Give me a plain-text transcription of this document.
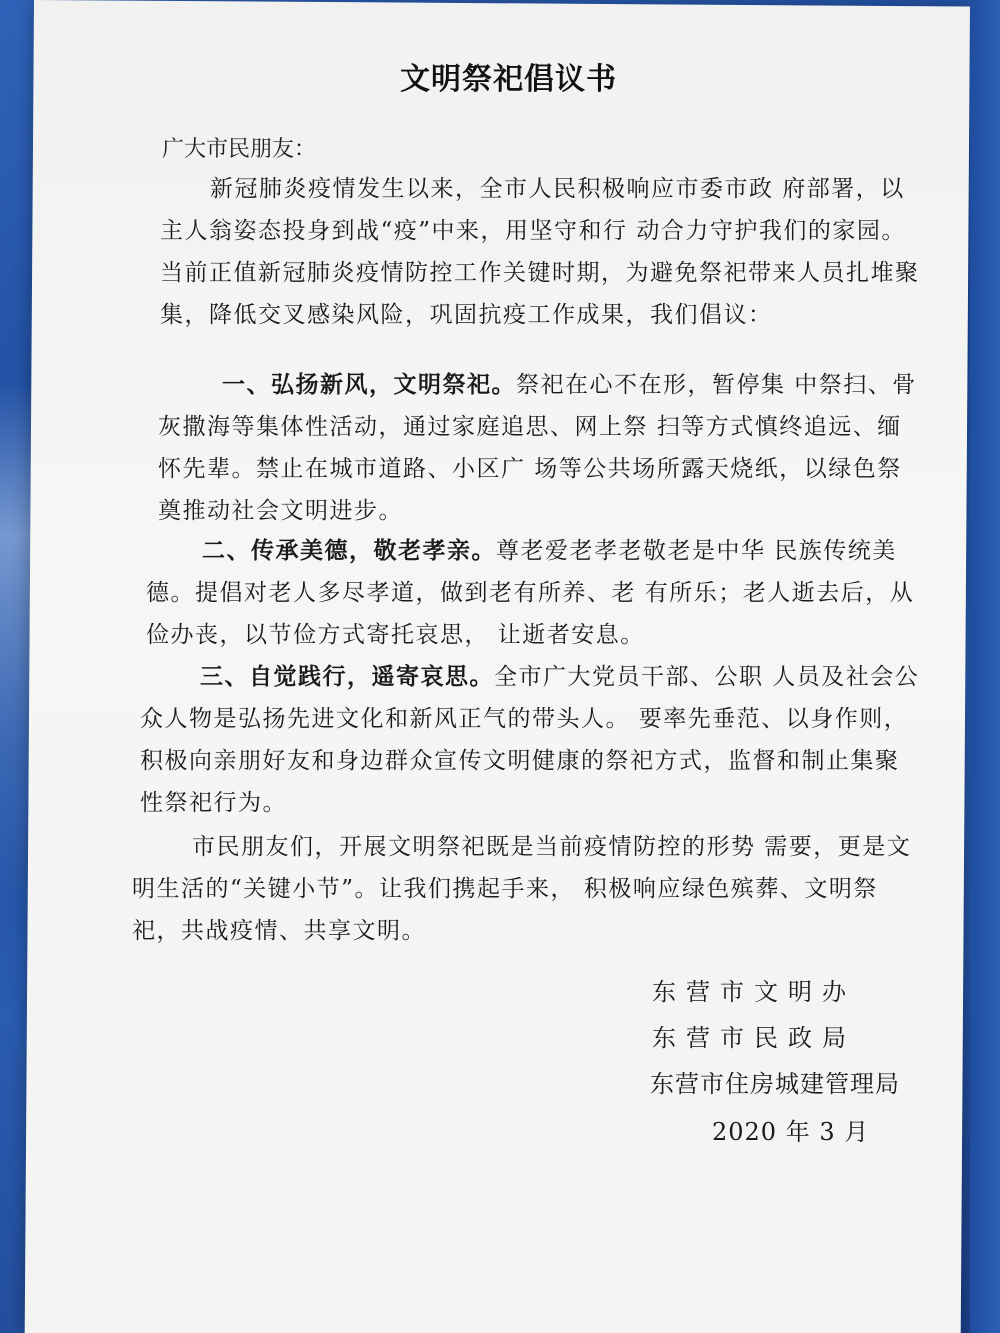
文明祭祀倡议书
广大市民朋友：
新冠肺炎疫情发生以来，全市人民积极响应市委市政 府部署，以主人翁姿态投身到战“疫”中来，用坚守和行 动合力守护我们的家园。当前正值新冠肺炎疫情防控工作关键时期，为避免祭祀带来人员扎堆聚集，降低交叉感染风险，巩固抗疫工作成果，我们倡议：
一、弘扬新风，文明祭祀。祭祀在心不在形，暂停集 中祭扫、骨灰撒海等集体性活动，通过家庭追思、网上祭 扫等方式慎终追远、缅怀先辈。禁止在城市道路、小区广 场等公共场所露天烧纸，以绿色祭奠推动社会文明进步。
二、传承美德，敬老孝亲。尊老爱老孝老敬老是中华 民族传统美德。提倡对老人多尽孝道，做到老有所养、老 有所乐；老人逝去后，从俭办丧，以节俭方式寄托哀思， 让逝者安息。
三、自觉践行，遥寄哀思。全市广大党员干部、公职 人员及社会公众人物是弘扬先进文化和新风正气的带头人。 要率先垂范、以身作则，积极向亲朋好友和身边群众宣传文明健康的祭祀方式，监督和制止集聚性祭祀行为。
市民朋友们，开展文明祭祀既是当前疫情防控的形势 需要，更是文明生活的“关键小节”。让我们携起手来， 积极响应绿色殡葬、文明祭祀，共战疫情、共享文明。
东营市文明办
东营市民政局
东营市住房城建管理局
2020 年 3 月
